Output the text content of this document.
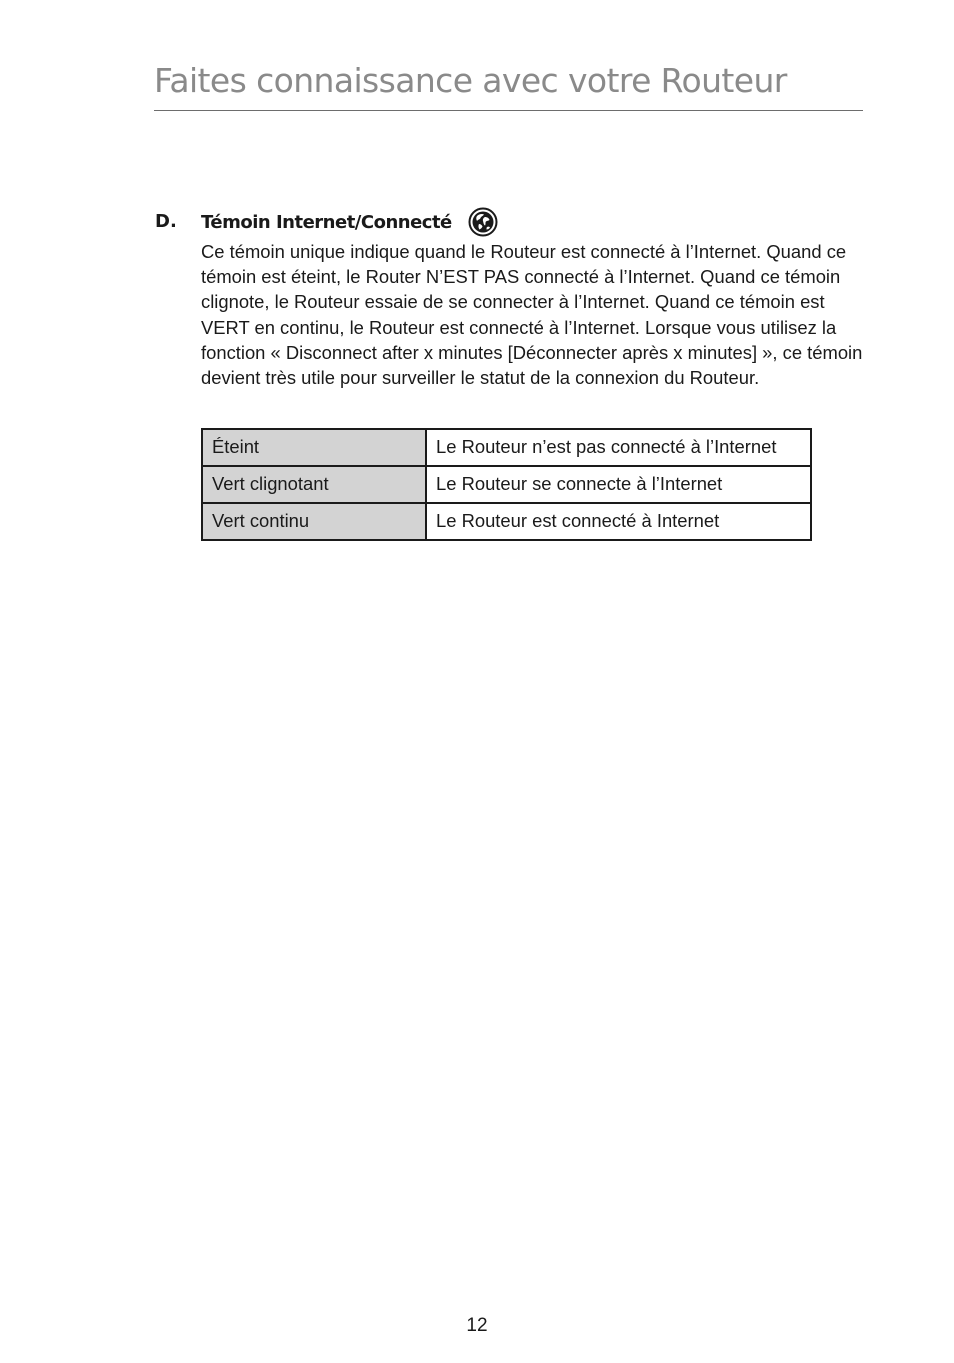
Faites connaissance avec votre Routeur
D. Témoin Internet/Connecté

Ce témoin unique indique quand le Routeur est connecté à l’Internet. Quand ce témoin est éteint, le Router N’EST PAS connecté à l’Internet. Quand ce témoin clignote, le Routeur essaie de se connecter à l’Internet. Quand ce témoin est VERT en continu, le Routeur est connecté à l’Internet. Lorsque vous utilisez la fonction « Disconnect after x minutes [Déconnecter après x minutes] », ce témoin devient très utile pour surveiller le statut de la connexion du Routeur.

Éteint	Le Routeur n’est pas connecté à l’Internet
Vert clignotant	Le Routeur se connecte à l’Internet
Vert continu	Le Routeur est connecté à Internet
12
